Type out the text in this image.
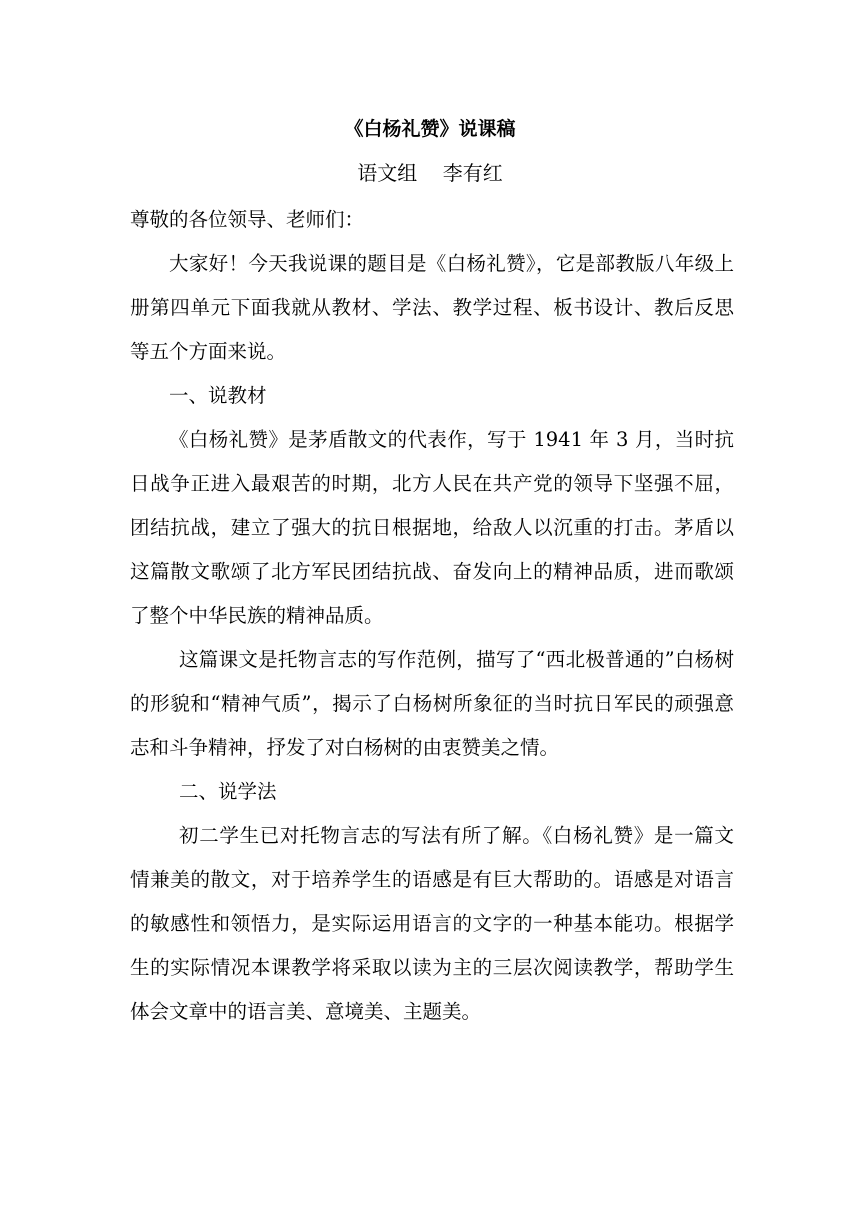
《白杨礼赞》说课稿
语文组    李有红

尊敬的各位领导、老师们：

大家好！今天我说课的题目是《白杨礼赞》，它是部教版八年级上册第四单元下面我就从教材、学法、教学过程、板书设计、教后反思等五个方面来说。

一、说教材

《白杨礼赞》是茅盾散文的代表作，写于 1941 年 3 月，当时抗日战争正进入最艰苦的时期，北方人民在共产党的领导下坚强不屈，团结抗战，建立了强大的抗日根据地，给敌人以沉重的打击。茅盾以这篇散文歌颂了北方军民团结抗战、奋发向上的精神品质，进而歌颂了整个中华民族的精神品质。

这篇课文是托物言志的写作范例，描写了“西北极普通的”白杨树的形貌和“精神气质”，揭示了白杨树所象征的当时抗日军民的顽强意志和斗争精神，抒发了对白杨树的由衷赞美之情。

二、说学法

初二学生已对托物言志的写法有所了解。《白杨礼赞》是一篇文情兼美的散文，对于培养学生的语感是有巨大帮助的。语感是对语言的敏感性和领悟力，是实际运用语言的文字的一种基本能功。根据学生的实际情况本课教学将采取以读为主的三层次阅读教学，帮助学生体会文章中的语言美、意境美、主题美。
